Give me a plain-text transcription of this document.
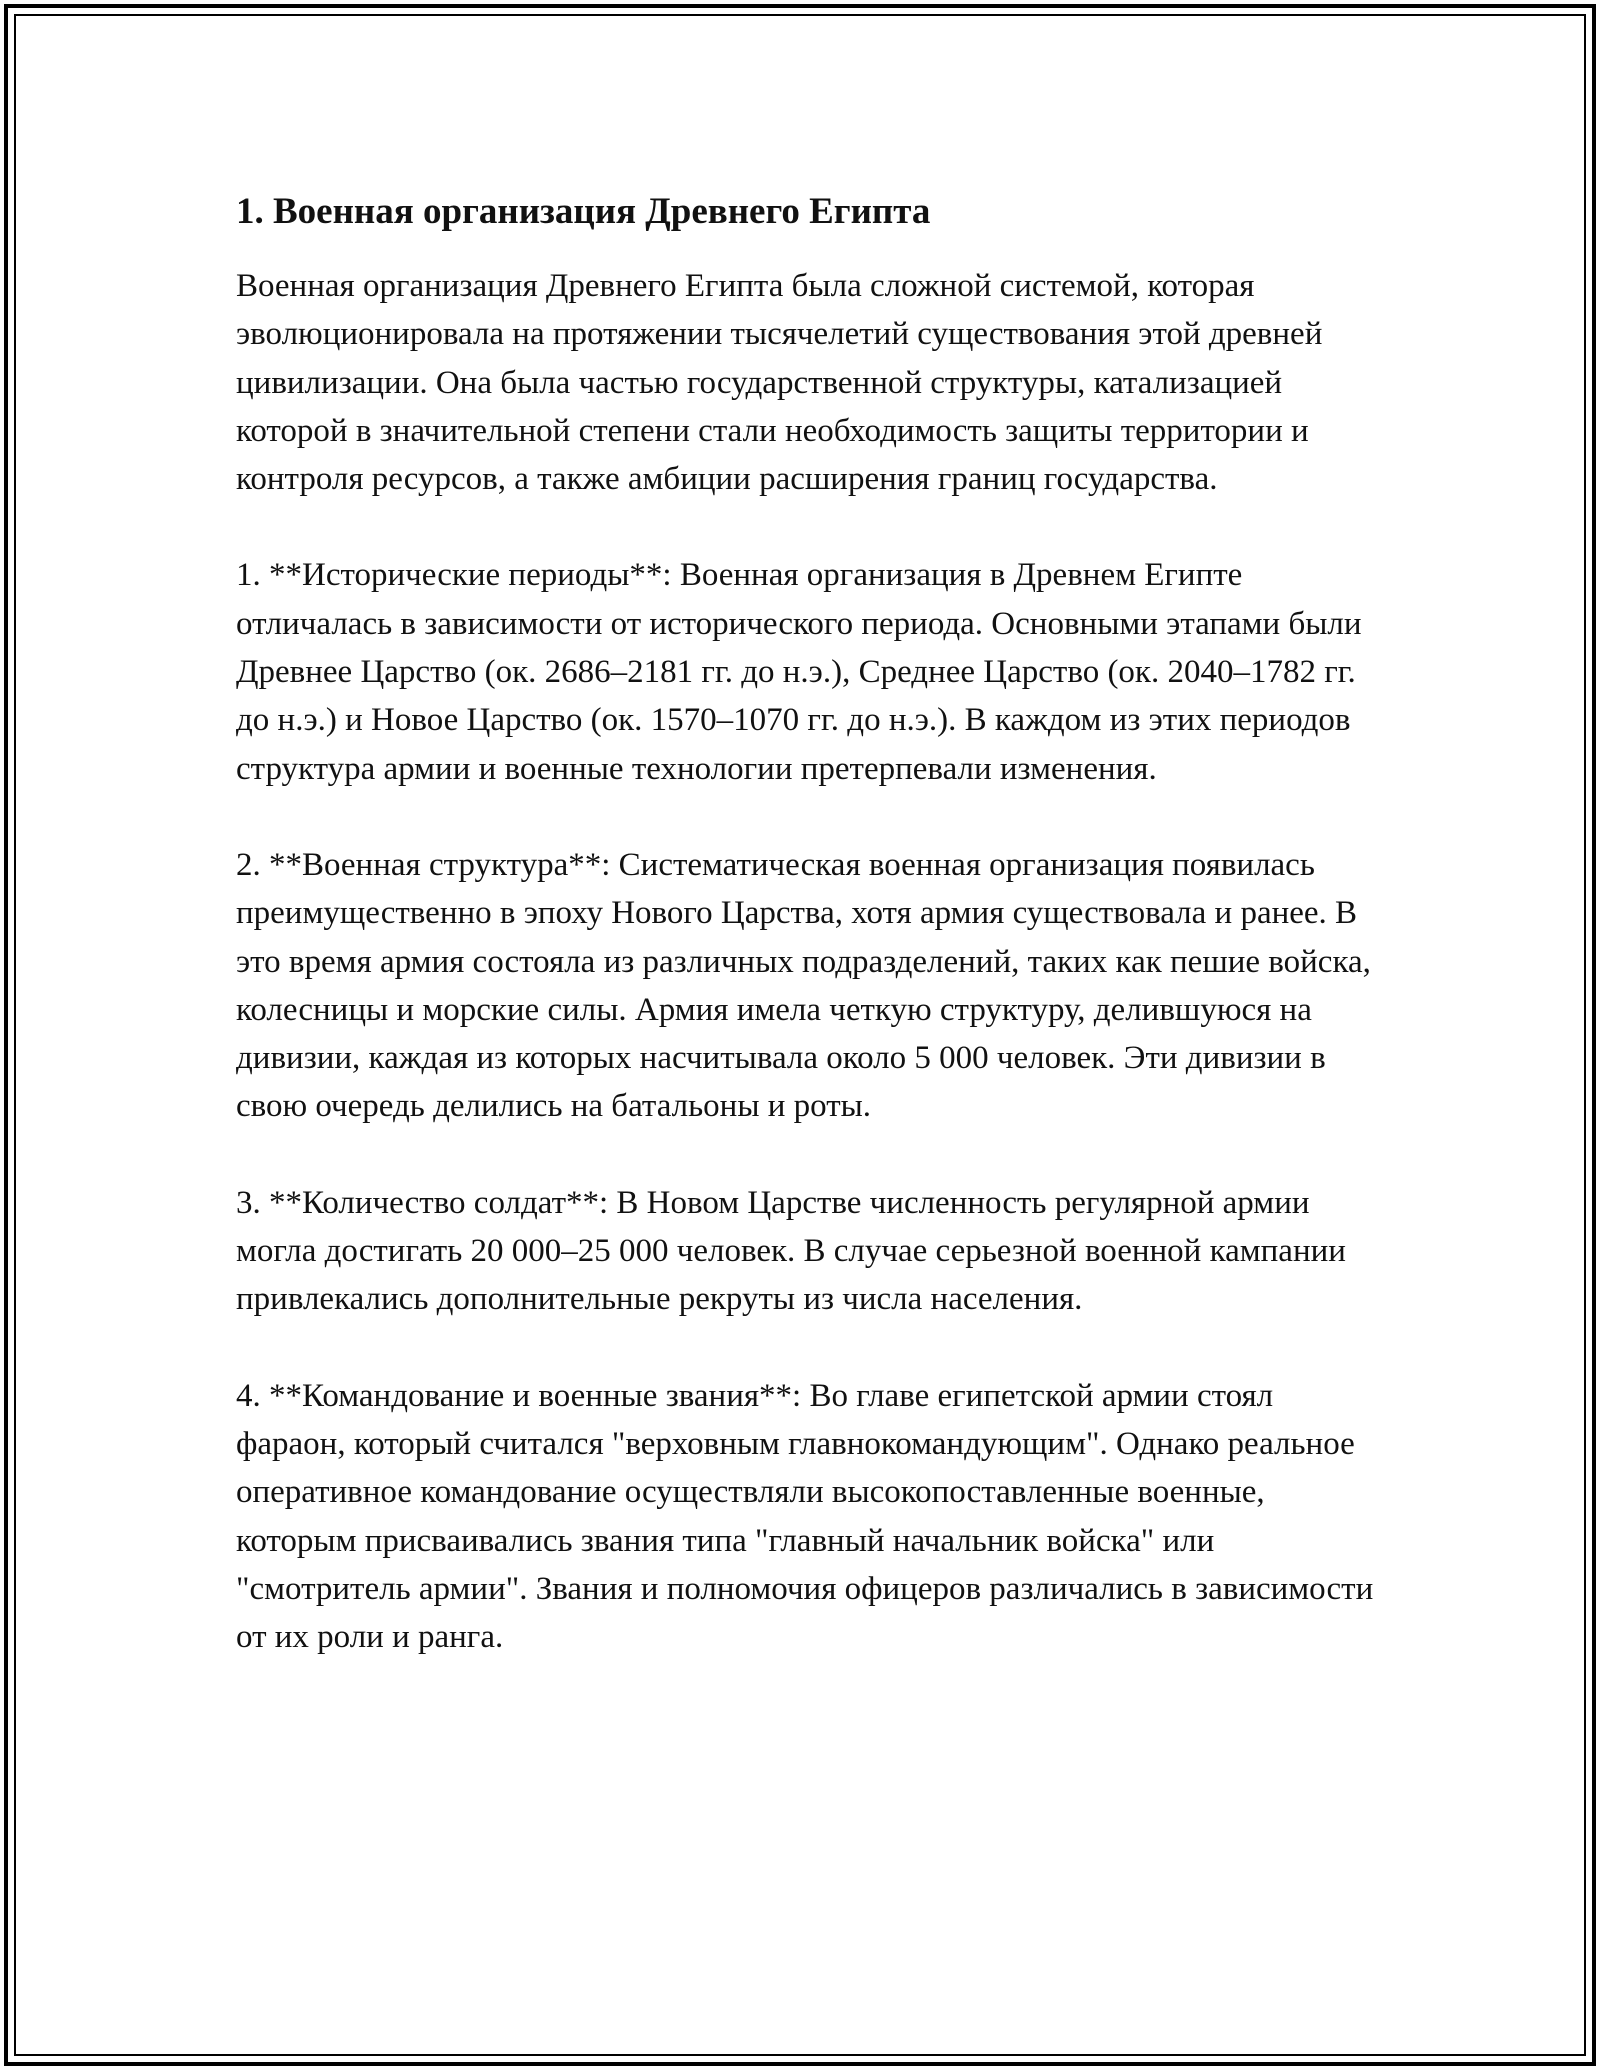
1. Военная организация Древнего Египта

Военная организация Древнего Египта была сложной системой, которая эволюционировала на протяжении тысячелетий существования этой древней цивилизации. Она была частью государственной структуры, катализацией которой в значительной степени стали необходимость защиты территории и контроля ресурсов, а также амбиции расширения границ государства.

1. **Исторические периоды**: Военная организация в Древнем Египте отличалась в зависимости от исторического периода. Основными этапами были Древнее Царство (ок. 2686–2181 гг. до н.э.), Среднее Царство (ок. 2040–1782 гг. до н.э.) и Новое Царство (ок. 1570–1070 гг. до н.э.). В каждом из этих периодов структура армии и военные технологии претерпевали изменения.

2. **Военная структура**: Систематическая военная организация появилась преимущественно в эпоху Нового Царства, хотя армия существовала и ранее. В это время армия состояла из различных подразделений, таких как пешие войска, колесницы и морские силы. Армия имела четкую структуру, делившуюся на дивизии, каждая из которых насчитывала около 5 000 человек. Эти дивизии в свою очередь делились на батальоны и роты.

3. **Количество солдат**: В Новом Царстве численность регулярной армии могла достигать 20 000–25 000 человек. В случае серьезной военной кампании привлекались дополнительные рекруты из числа населения.

4. **Командование и военные звания**: Во главе египетской армии стоял фараон, который считался "верховным главнокомандующим". Однако реальное оперативное командование осуществляли высокопоставленные военные, которым присваивались звания типа "главный начальник войска" или "смотритель армии". Звания и полномочия офицеров различались в зависимости от их роли и ранга.
